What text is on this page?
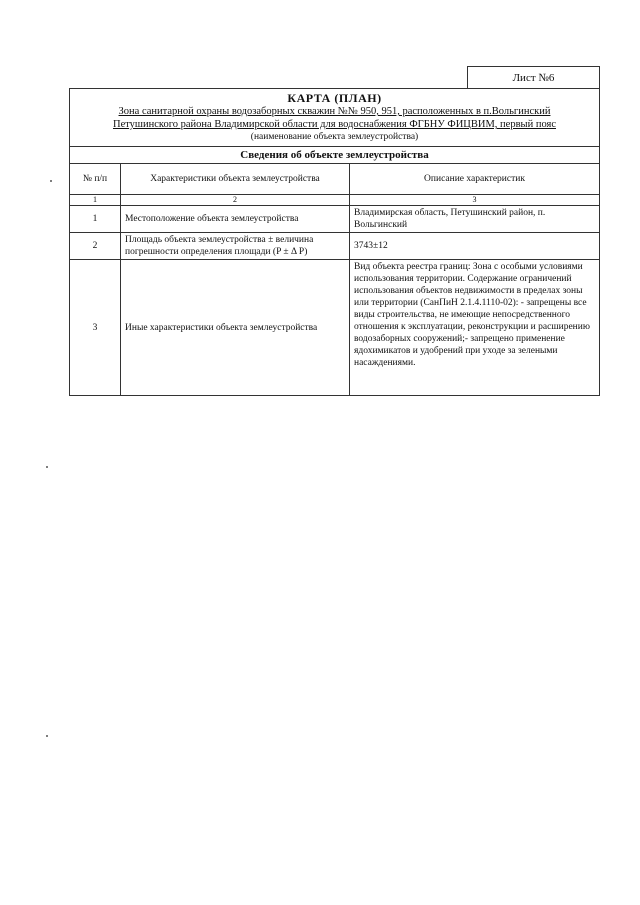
Лист №6
КАРТА (ПЛАН)
Зона санитарной охраны водозаборных скважин №№ 950, 951, расположенных в п.Вольгинский
Петушинского района Владимирской области для водоснабжения ФГБНУ ФИЦВИМ, первый пояс
(наименование объекта землеустройства)
Сведения об объекте землеустройства
№ п/п	Характеристики объекта землеустройства	Описание характеристик
1	2	3
1	Местоположение объекта землеустройства	Владимирская область, Петушинский район, п. Вольгинский
2	Площадь объекта землеустройства ± величина погрешности определения площади (P ± Δ P)	3743±12
3	Иные характеристики объекта землеустройства	Вид объекта реестра границ: Зона с особыми условиями использования территории. Содержание ограничений использования объектов недвижимости в пределах зоны или территории (СанПиН 2.1.4.1110-02): - запрещены все виды строительства, не имеющие непосредственного отношения к эксплуатации, реконструкции и расширению водозаборных сооружений;- запрещено применение ядохимикатов и удобрений при уходе за зелеными насаждениями.
